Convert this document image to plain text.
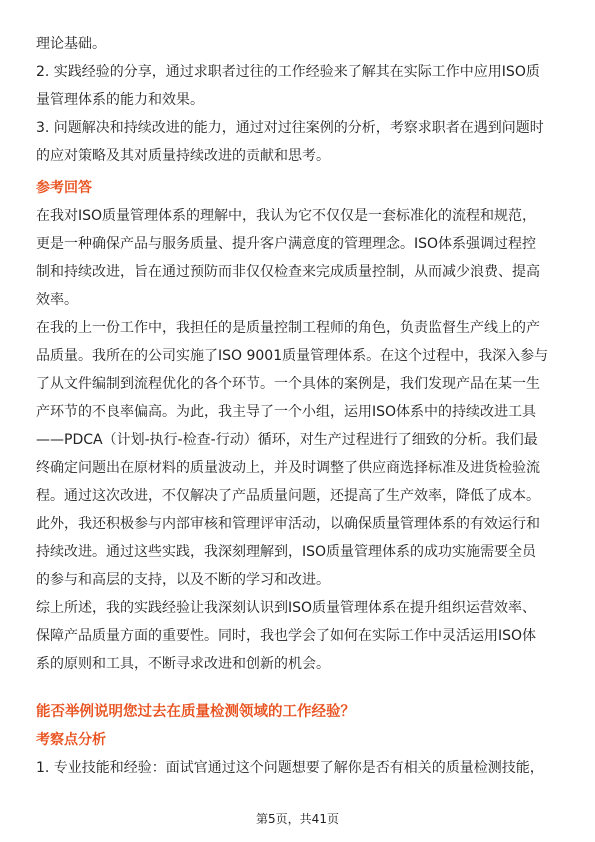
理论基础。
2. 实践经验的分享，通过求职者过往的工作经验来了解其在实际工作中应用ISO质
量管理体系的能力和效果。
3. 问题解决和持续改进的能力，通过对过往案例的分析，考察求职者在遇到问题时
的应对策略及其对质量持续改进的贡献和思考。
参考回答
在我对ISO质量管理体系的理解中，我认为它不仅仅是一套标准化的流程和规范，
更是一种确保产品与服务质量、提升客户满意度的管理理念。ISO体系强调过程控
制和持续改进，旨在通过预防而非仅仅检查来完成质量控制，从而减少浪费、提高
效率。
在我的上一份工作中，我担任的是质量控制工程师的角色，负责监督生产线上的产
品质量。我所在的公司实施了ISO 9001质量管理体系。在这个过程中，我深入参与
了从文件编制到流程优化的各个环节。一个具体的案例是，我们发现产品在某一生
产环节的不良率偏高。为此，我主导了一个小组，运用ISO体系中的持续改进工具
——PDCA（计划-执行-检查-行动）循环，对生产过程进行了细致的分析。我们最
终确定问题出在原材料的质量波动上，并及时调整了供应商选择标准及进货检验流
程。通过这次改进，不仅解决了产品质量问题，还提高了生产效率，降低了成本。
此外，我还积极参与内部审核和管理评审活动，以确保质量管理体系的有效运行和
持续改进。通过这些实践，我深刻理解到，ISO质量管理体系的成功实施需要全员
的参与和高层的支持，以及不断的学习和改进。
综上所述，我的实践经验让我深刻认识到ISO质量管理体系在提升组织运营效率、
保障产品质量方面的重要性。同时，我也学会了如何在实际工作中灵活运用ISO体
系的原则和工具，不断寻求改进和创新的机会。
能否举例说明您过去在质量检测领域的工作经验？
考察点分析
1. 专业技能和经验：面试官通过这个问题想要了解你是否有相关的质量检测技能，
第5页，共41页
